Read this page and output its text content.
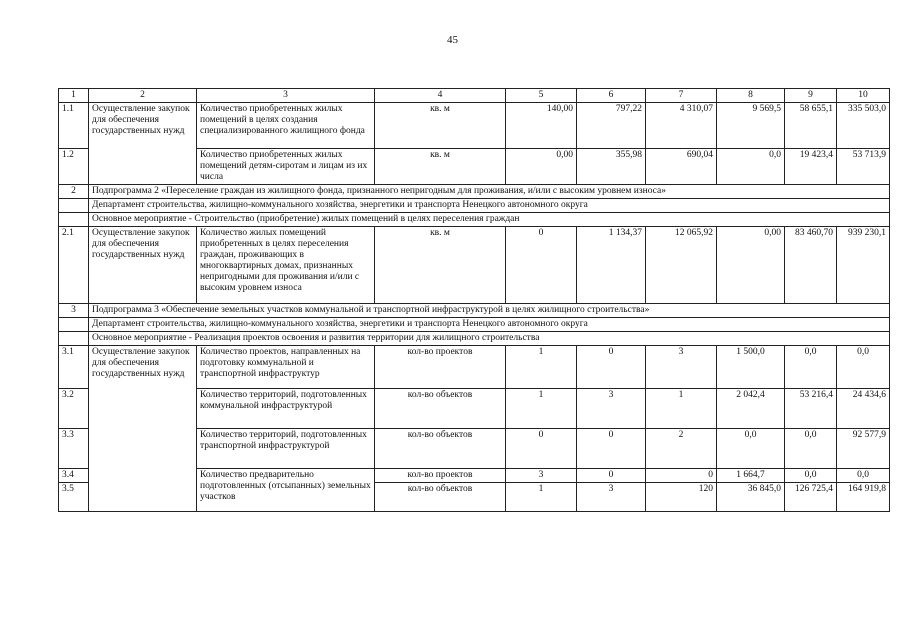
45
1	2	3	4	5	6	7	8	9	10
1.1	Осуществление закупок для обеспечения государственных нужд	Количество приобретенных жилых помещений в целях создания специализированного жилищного фонда	кв. м	140,00	797,22	4 310,07	9 569,5	58 655,1	335 503,0
1.2		Количество приобретенных жилых помещений детям-сиротам и лицам из их числа	кв. м	0,00	355,98	690,04	0,0	19 423,4	53 713,9
2	Подпрограмма 2 «Переселение граждан из жилищного фонда, признанного непригодным для проживания, и/или с высоким уровнем износа»								
	Департамент строительства, жилищно-коммунального хозяйства, энергетики и транспорта Ненецкого автономного округа								
	Основное мероприятие - Строительство (приобретение) жилых помещений в целях переселения граждан								
2.1	Осуществление закупок для обеспечения государственных нужд	Количество жилых помещений приобретенных в целях переселения граждан, проживающих в многоквартирных домах, признанных непригодными для проживания и/или с высоким уровнем износа	кв. м	0	1 134,37	12 065,92	0,00	83 460,70	939 230,1
3	Подпрограмма 3 «Обеспечение земельных участков коммунальной и транспортной инфраструктурой в целях жилищного строительства»								
	Департамент строительства, жилищно-коммунального хозяйства, энергетики и транспорта Ненецкого автономного округа								
	Основное мероприятие - Реализация проектов освоения и развития территории для жилищного строительства								
3.1	Осуществление закупок для обеспечения государственных нужд	Количество проектов, направленных на подготовку коммунальной и транспортной инфраструктур	кол-во проектов	1	0	3	1 500,0	0,0	0,0
3.2		Количество территорий, подготовленных коммунальной инфраструктурой	кол-во объектов	1	3	1	2 042,4	53 216,4	24 434,6
3.3		Количество территорий, подготовленных транспортной инфраструктурой	кол-во объектов	0	0	2	0,0	0,0	92 577,9
3.4		Количество предварительно подготовленных (отсыпанных) земельных участков	кол-во проектов	3	0	0	1 664,7	0,0	0,0
3.5			кол-во объектов	1	3	120	36 845,0	126 725,4	164 919,8
